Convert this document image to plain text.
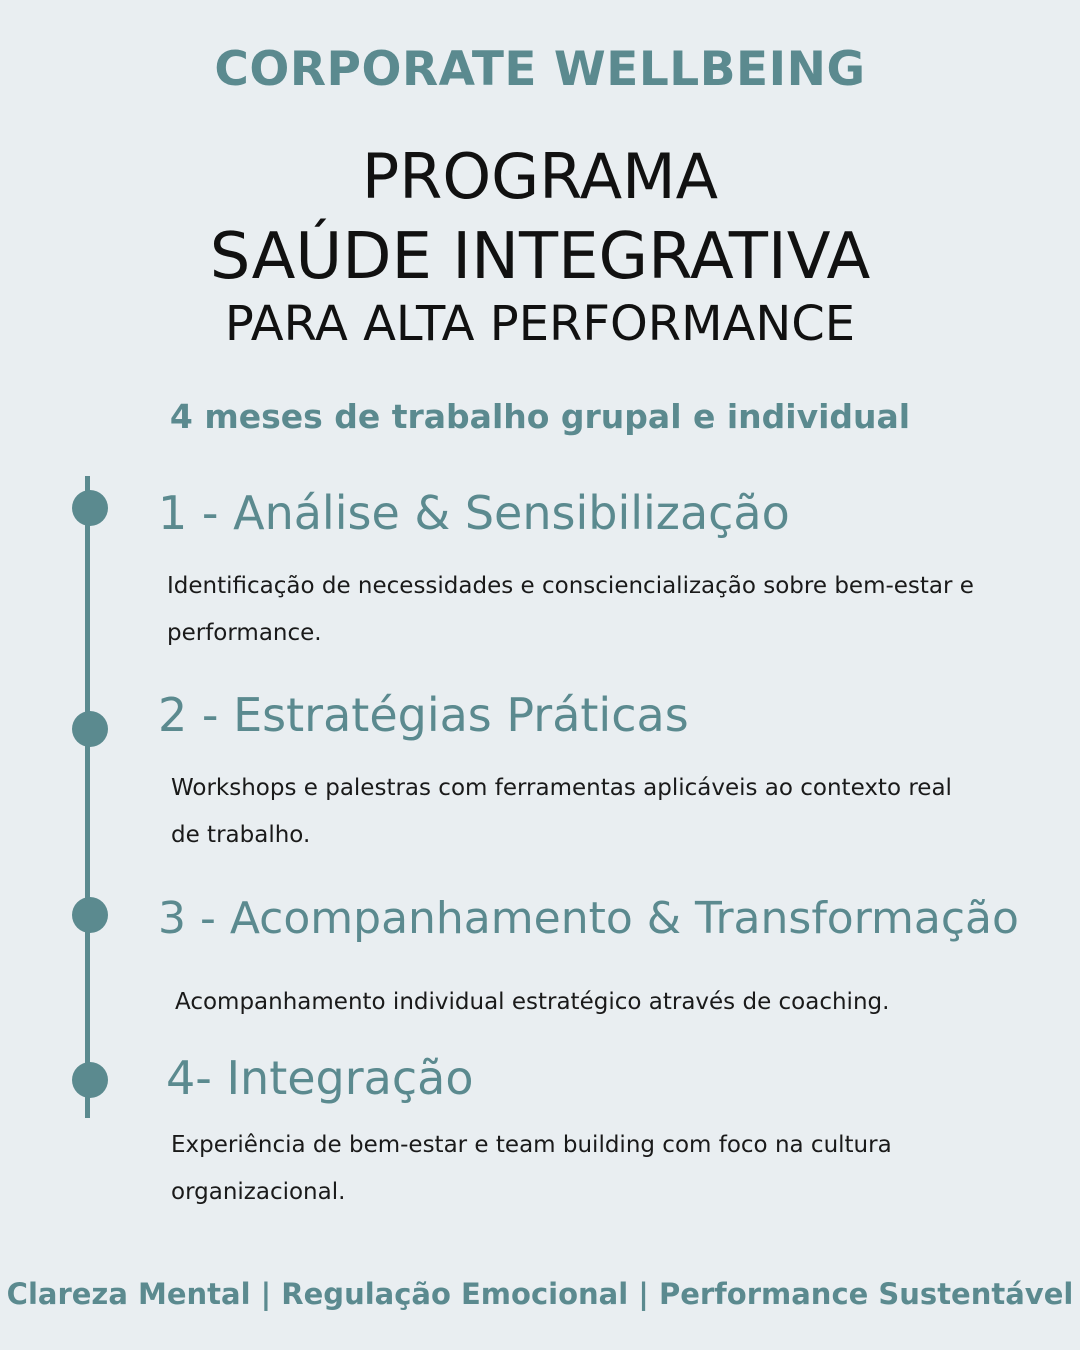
CORPORATE WELLBEING
PROGRAMA
SAÚDE INTEGRATIVA
PARA ALTA PERFORMANCE
4 meses de trabalho grupal e individual
1 - Análise & Sensibilização
Identificação de necessidades e consciencialização sobre bem-estar e performance.
2 - Estratégias Práticas
Workshops e palestras com ferramentas aplicáveis ao contexto real de trabalho.
3 - Acompanhamento & Transformação
Acompanhamento individual estratégico através de coaching.
4- Integração
Experiência de bem-estar e team building com foco na cultura organizacional.
Clareza Mental | Regulação Emocional | Performance Sustentável
